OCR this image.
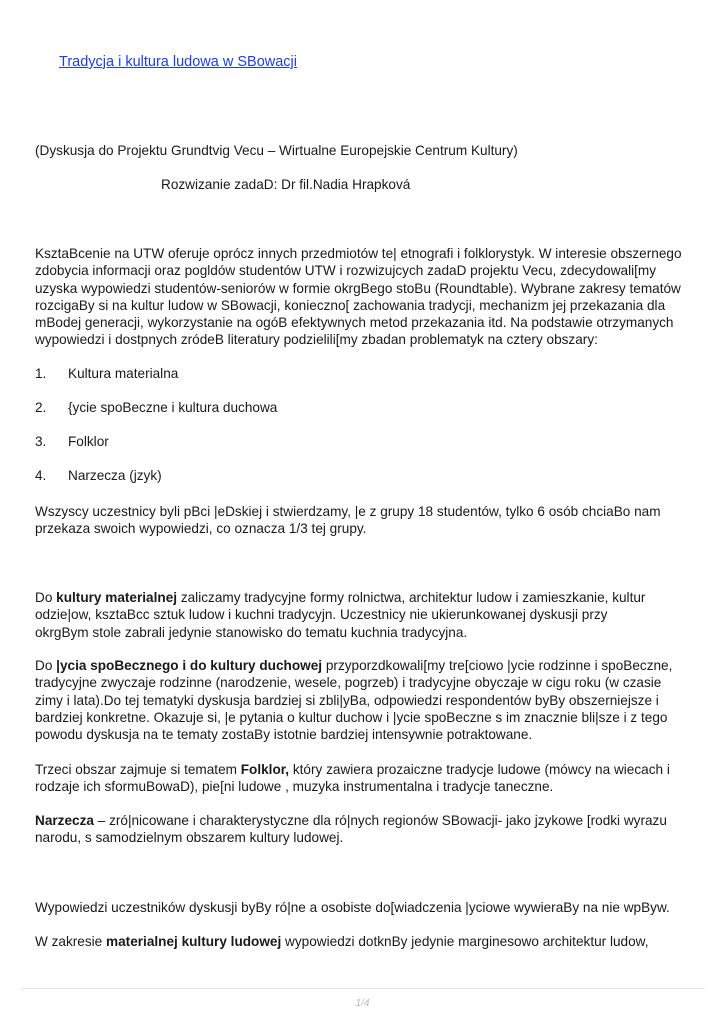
Tradycja i kultura ludowa w SBowacji
(Dyskusja do Projektu Grundtvig Vecu – Wirtualne Europejskie Centrum Kultury)
Rozwizanie zadaD: Dr fil.Nadia Hrapková
KsztaBcenie na UTW oferuje oprócz innych przedmiotów te| etnografi i folklorystyk. W interesie obszernego
zdobycia informacji oraz pogldów studentów UTW i rozwizujcych zadaD projektu Vecu, zdecydowali[my
uzyska wypowiedzi studentów-seniorów w formie okrgBego stoBu (Roundtable). Wybrane zakresy tematów
rozcigaBy si na kultur ludow w SBowacji, konieczno[ zachowania tradycji, mechanizm jej przekazania dla
mBodej generacji, wykorzystanie na ogóB efektywnych metod przekazania itd. Na podstawie otrzymanych
wypowiedzi i dostpnych zródeB literatury podzielili[my zbadan problematyk na cztery obszary:
1. Kultura materialna
2. {ycie spoBeczne i kultura duchowa
3. Folklor
4. Narzecza (jzyk)
Wszyscy uczestnicy byli pBci |eDskiej i stwierdzamy, |e z grupy 18 studentów, tylko 6 osób chciaBo nam
przekaza swoich wypowiedzi, co oznacza 1/3 tej grupy.
Do kultury materialnej zaliczamy tradycyjne formy rolnictwa, architektur ludow i zamieszkanie, kultur
odzie|ow, ksztaBcc sztuk ludow i kuchni tradycyjn. Uczestnicy nie ukierunkowanej dyskusji przy
okrgBym stole zabrali jedynie stanowisko do tematu kuchnia tradycyjna.
Do |ycia spoBecznego i do kultury duchowej przyporzdkowali[my tre[ciowo |ycie rodzinne i spoBeczne,
tradycyjne zwyczaje rodzinne (narodzenie, wesele, pogrzeb) i tradycyjne obyczaje w cigu roku (w czasie
zimy i lata).Do tej tematyki dyskusja bardziej si zbli|yBa, odpowiedzi respondentów byBy obszerniejsze i
bardziej konkretne. Okazuje si, |e pytania o kultur duchow i |ycie spoBeczne s im znacznie bli|sze i z tego
powodu dyskusja na te tematy zostaBy istotnie bardziej intensywnie potraktowane.
Trzeci obszar zajmuje si tematem Folklor, który zawiera prozaiczne tradycje ludowe (mówcy na wiecach i
rodzaje ich sformuBowaD), pie[ni ludowe , muzyka instrumentalna i tradycje taneczne.
Narzecza – zró|nicowane i charakterystyczne dla ró|nych regionów SBowacji- jako jzykowe [rodki wyrazu
narodu, s samodzielnym obszarem kultury ludowej.
Wypowiedzi uczestników dyskusji byBy ró|ne a osobiste do[wiadczenia |yciowe wywieraBy na nie wpByw.
W zakresie materialnej kultury ludowej wypowiedzi dotknBy jedynie marginesowo architektur ludow,
1/4
